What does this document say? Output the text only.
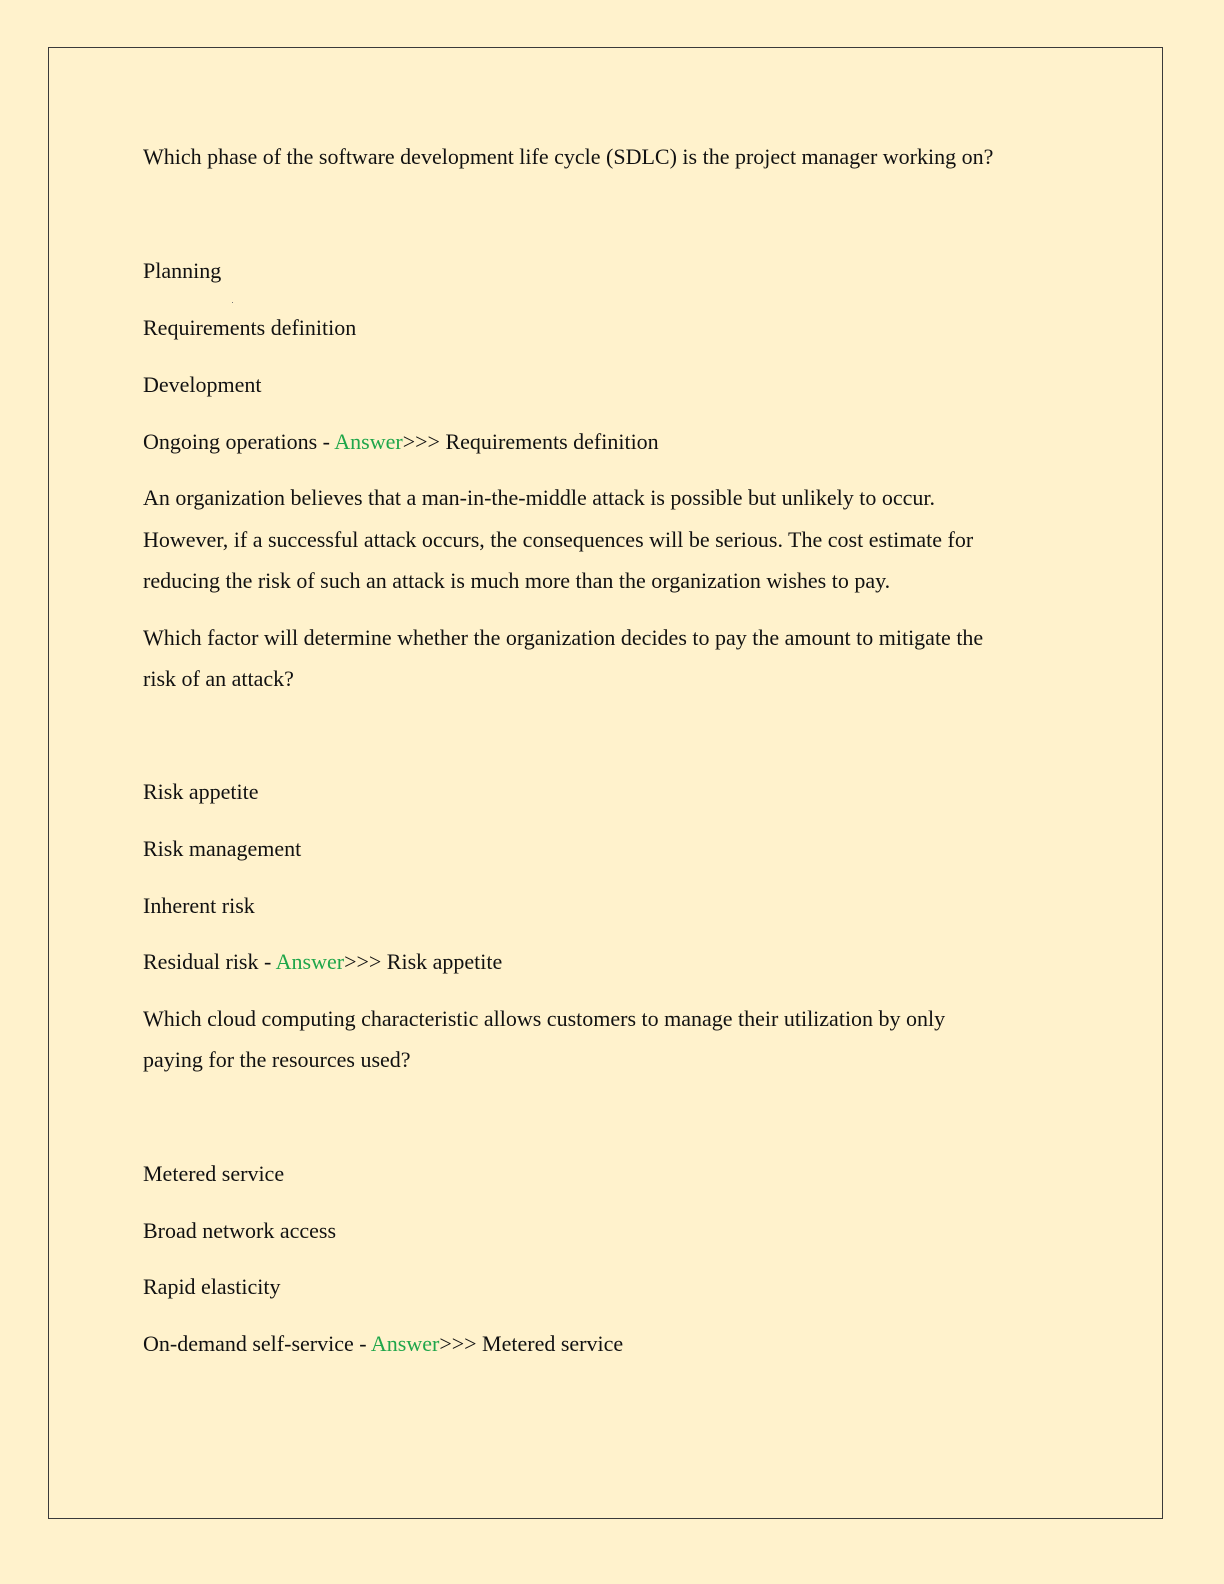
Which phase of the software development life cycle (SDLC) is the project manager working on?
Planning
Requirements definition
Development
Ongoing operations - Answer>>> Requirements definition
An organization believes that a man-in-the-middle attack is possible but unlikely to occur.
However, if a successful attack occurs, the consequences will be serious. The cost estimate for
reducing the risk of such an attack is much more than the organization wishes to pay.
Which factor will determine whether the organization decides to pay the amount to mitigate the
risk of an attack?
Risk appetite
Risk management
Inherent risk
Residual risk - Answer>>> Risk appetite
Which cloud computing characteristic allows customers to manage their utilization by only
paying for the resources used?
Metered service
Broad network access
Rapid elasticity
On-demand self-service - Answer>>> Metered service
